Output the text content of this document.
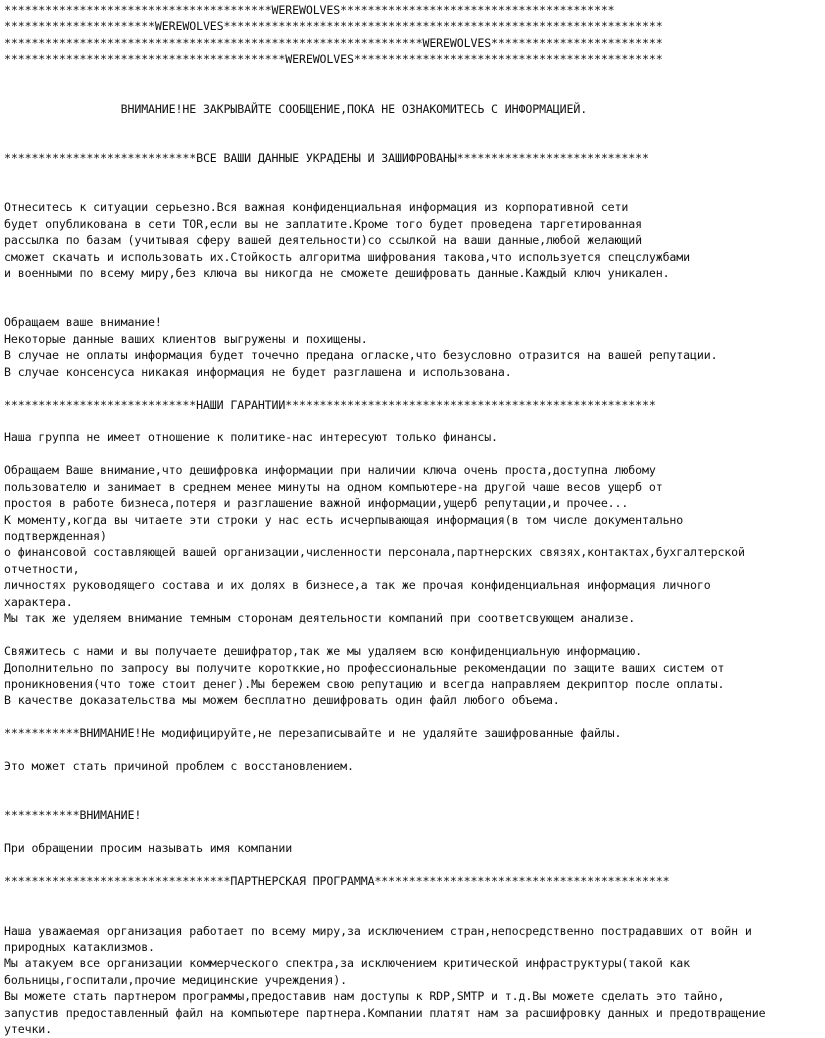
***************************************WEREWOLVES****************************************
**********************WEREWOLVES****************************************************************
*************************************************************WEREWOLVES*************************
*****************************************WEREWOLVES*********************************************
ВНИМАНИЕ!НЕ ЗАКРЫВАЙТЕ СООБЩЕНИЕ,ПОКА НЕ ОЗНАКОМИТЕСЬ С ИНФОРМАЦИЕЙ.
****************************ВСЕ ВАШИ ДАННЫЕ УКРАДЕНЫ И ЗАШИФРОВАНЫ****************************
Отнеситесь к ситуации серьезно.Вся важная конфиденциальная информация из корпоративной сети
будет опубликована в сети TOR,если вы не заплатите.Кроме того будет проведена таргетированная
рассылка по базам (учитывая сферу вашей деятельности)со ссылкой на ваши данные,любой желающий
сможет скачать и использовать их.Стойкость алгоритма шифрования такова,что используется спецслужбами
и военными по всему миру,без ключа вы никогда не сможете дешифровать данные.Каждый ключ уникален.
Обращаем ваше внимание!
Некоторые данные ваших клиентов выгружены и похищены.
В случае не оплаты информация будет точечно предана огласке,что безусловно отразится на вашей репутации.
В случае консенсуса никакая информация не будет разглашена и использована.
****************************НАШИ ГАРАНТИИ******************************************************
Наша группа не имеет отношение к политике-нас интересуют только финансы.
Обращаем Ваше внимание,что дешифровка информации при наличии ключа очень проста,доступна любому
пользователю и занимает в среднем менее минуты на одном компьютере-на другой чаше весов ущерб от
простоя в работе бизнеса,потеря и разглашение важной информации,ущерб репутации,и прочее...
К моменту,когда вы читаете эти строки у нас есть исчерпывающая информация(в том числе документально
подтвержденная)
о финансовой составляющей вашей организации,численности персонала,партнерских связях,контактах,бухгалтерской
отчетности,
личностях руководящего состава и их долях в бизнесе,а так же прочая конфиденциальная информация личного
характера.
Мы так же уделяем внимание темным сторонам деятельности компаний при соответсвующем анализе.
Свяжитесь с нами и вы получаете дешифратор,так же мы удаляем всю конфиденциальную информацию.
Дополнительно по запросу вы получите коротккие,но профессиональные рекомендации по защите ваших систем от
проникновения(что тоже стоит денег).Мы бережем свою репутацию и всегда направляем декриптор после оплаты.
В качестве доказательства мы можем бесплатно дешифровать один файл любого объема.
***********ВНИМАНИЕ!Не модифицируйте,не перезаписывайте и не удаляйте зашифрованные файлы.
Это может стать причиной проблем с восстановлением.
***********ВНИМАНИЕ!
При обращении просим называть имя компании
*********************************ПАРТНЕРСКАЯ ПРОГРАММА*******************************************
Наша уважаемая организация работает по всему миру,за исключением стран,непосредственно пострадавших от войн и
природных катаклизмов.
Мы атакуем все организации коммерческого спектра,за исключением критической инфраструктуры(такой как
больницы,госпитали,прочие медицинские учреждения).
Вы можете стать партнером программы,предоставив нам доступы к RDP,SMTP и т.д.Вы можете сделать это тайно,
запустив предоставленный файл на компьютере партнера.Компании платят нам за расшифровку данных и предотвращение
утечки.
